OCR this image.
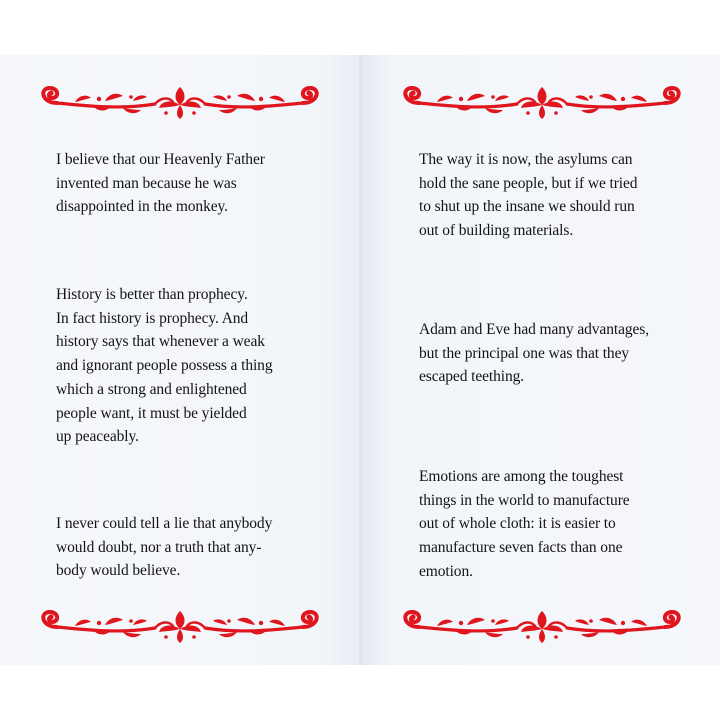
I believe that our Heavenly Father
invented man because he was
disappointed in the monkey.

History is better than prophecy.
In fact history is prophecy. And
history says that whenever a weak
and ignorant people possess a thing
which a strong and enlightened
people want, it must be yielded
up peaceably.

I never could tell a lie that anybody
would doubt, nor a truth that any-
body would believe.

The way it is now, the asylums can
hold the sane people, but if we tried
to shut up the insane we should run
out of building materials.

Adam and Eve had many advantages,
but the principal one was that they
escaped teething.

Emotions are among the toughest
things in the world to manufacture
out of whole cloth: it is easier to
manufacture seven facts than one
emotion.
